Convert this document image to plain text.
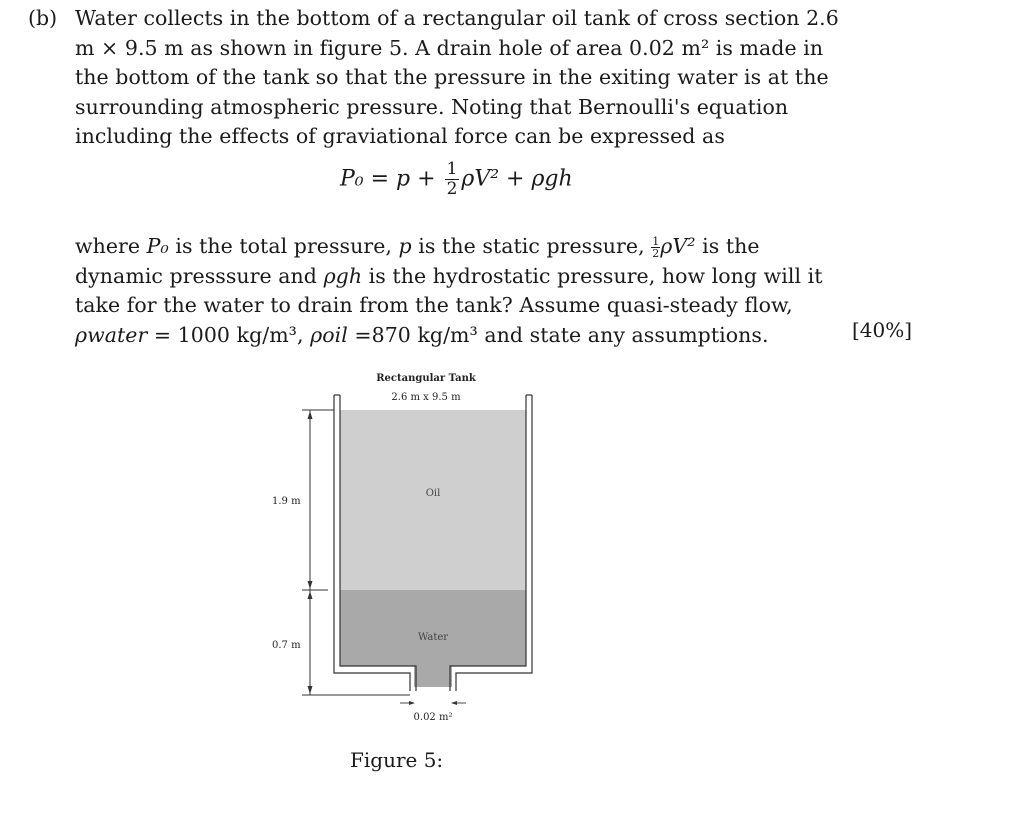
(b) Water collects in the bottom of a rectangular oil tank of cross section 2.6 m × 9.5 m as shown in figure 5. A drain hole of area 0.02 m² is made in the bottom of the tank so that the pressure in the exiting water is at the surrounding atmospheric pressure. Noting that Bernoulli's equation including the effects of graviational force can be expressed as

$P_0 = p + \frac{1}{2} \rho V^2 + \rho gh$

where P₀ is the total pressure, p is the static pressure, $\frac{1}{2} \rho V^2$ is the dynamic presssure and ρgh is the hydrostatic pressure, how long will it take for the water to drain from the tank? Assume quasi-steady flow, ρwater = 1000 kg/m³, ρoil =870 kg/m³ and state any assumptions.	[40%]
Rectangular Tank
2.6 m x 9.5 m
1.9 m
0.7 m
Oil
Water
0.02 m²
Figure 5:
